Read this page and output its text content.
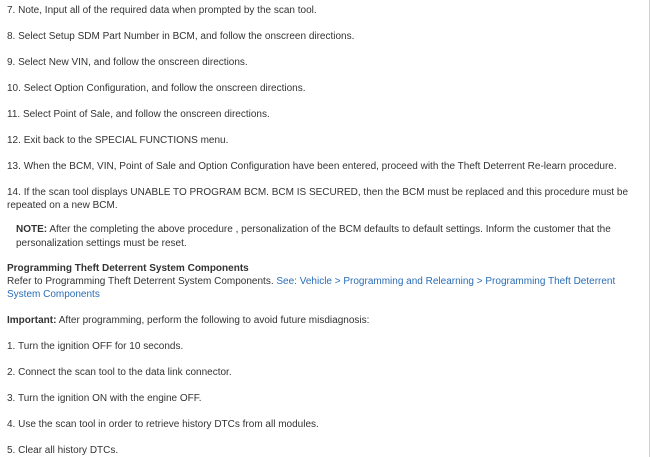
7. Note, Input all of the required data when prompted by the scan tool.

8. Select Setup SDM Part Number in BCM, and follow the onscreen directions.

9. Select New VIN, and follow the onscreen directions.

10. Select Option Configuration, and follow the onscreen directions.

11. Select Point of Sale, and follow the onscreen directions.

12. Exit back to the SPECIAL FUNCTIONS menu.

13. When the BCM, VIN, Point of Sale and Option Configuration have been entered, proceed with the Theft Deterrent Re-learn procedure.

14. If the scan tool displays UNABLE TO PROGRAM BCM. BCM IS SECURED, then the BCM must be replaced and this procedure must be repeated on a new BCM.

NOTE: After the completing the above procedure , personalization of the BCM defaults to default settings. Inform the customer that the personalization settings must be reset.

Programming Theft Deterrent System Components

Refer to Programming Theft Deterrent System Components. See: Vehicle > Programming and Relearning > Programming Theft Deterrent System Components

Important: After programming, perform the following to avoid future misdiagnosis:

1. Turn the ignition OFF for 10 seconds.

2. Connect the scan tool to the data link connector.

3. Turn the ignition ON with the engine OFF.

4. Use the scan tool in order to retrieve history DTCs from all modules.

5. Clear all history DTCs.
